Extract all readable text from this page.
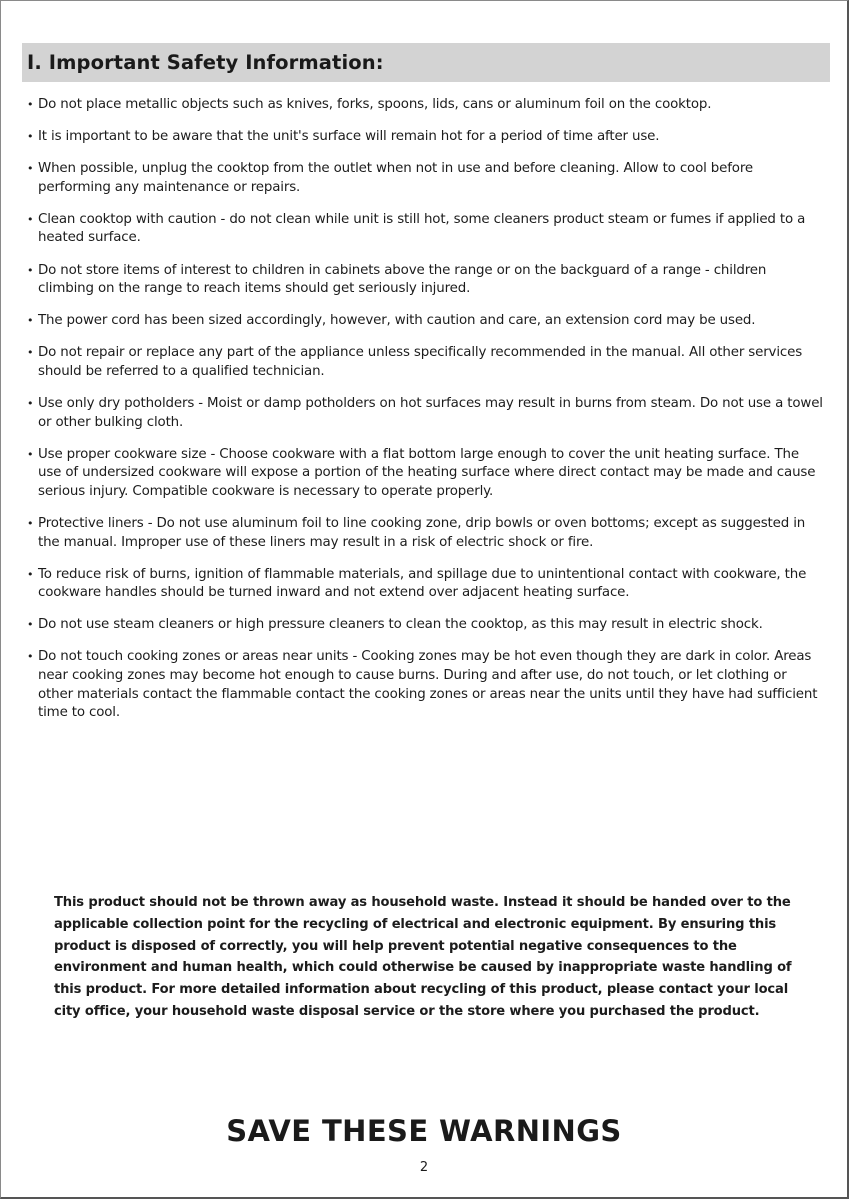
I. Important Safety Information:
• Do not place metallic objects such as knives, forks, spoons, lids, cans or aluminum foil on the cooktop.
• It is important to be aware that the unit's surface will remain hot for a period of time after use.
• When possible, unplug the cooktop from the outlet when not in use and before cleaning. Allow to cool before performing any maintenance or repairs.
• Clean cooktop with caution - do not clean while unit is still hot, some cleaners product steam or fumes if applied to a heated surface.
• Do not store items of interest to children in cabinets above the range or on the backguard of a range - children climbing on the range to reach items should get seriously injured.
• The power cord has been sized accordingly, however, with caution and care, an extension cord may be used.
• Do not repair or replace any part of the appliance unless specifically recommended in the manual. All other services should be referred to a qualified technician.
• Use only dry potholders - Moist or damp potholders on hot surfaces may result in burns from steam. Do not use a towel or other bulking cloth.
• Use proper cookware size - Choose cookware with a flat bottom large enough to cover the unit heating surface. The use of undersized cookware will expose a portion of the heating surface where direct contact may be made and cause serious injury. Compatible cookware is necessary to operate properly.
• Protective liners - Do not use aluminum foil to line cooking zone, drip bowls or oven bottoms; except as suggested in the manual. Improper use of these liners may result in a risk of electric shock or fire.
• To reduce risk of burns, ignition of flammable materials, and spillage due to unintentional contact with cookware, the cookware handles should be turned inward and not extend over adjacent heating surface.
• Do not use steam cleaners or high pressure cleaners to clean the cooktop, as this may result in electric shock.
• Do not touch cooking zones or areas near units - Cooking zones may be hot even though they are dark in color. Areas near cooking zones may become hot enough to cause burns. During and after use, do not touch, or let clothing or other materials contact the flammable contact the cooking zones or areas near the units until they have had sufficient time to cool.

This product should not be thrown away as household waste. Instead it should be handed over to the applicable collection point for the recycling of electrical and electronic equipment. By ensuring this product is disposed of correctly, you will help prevent potential negative consequences to the environment and human health, which could otherwise be caused by inappropriate waste handling of this product. For more detailed information about recycling of this product, please contact your local city office, your household waste disposal service or the store where you purchased the product.

SAVE THESE WARNINGS
2
